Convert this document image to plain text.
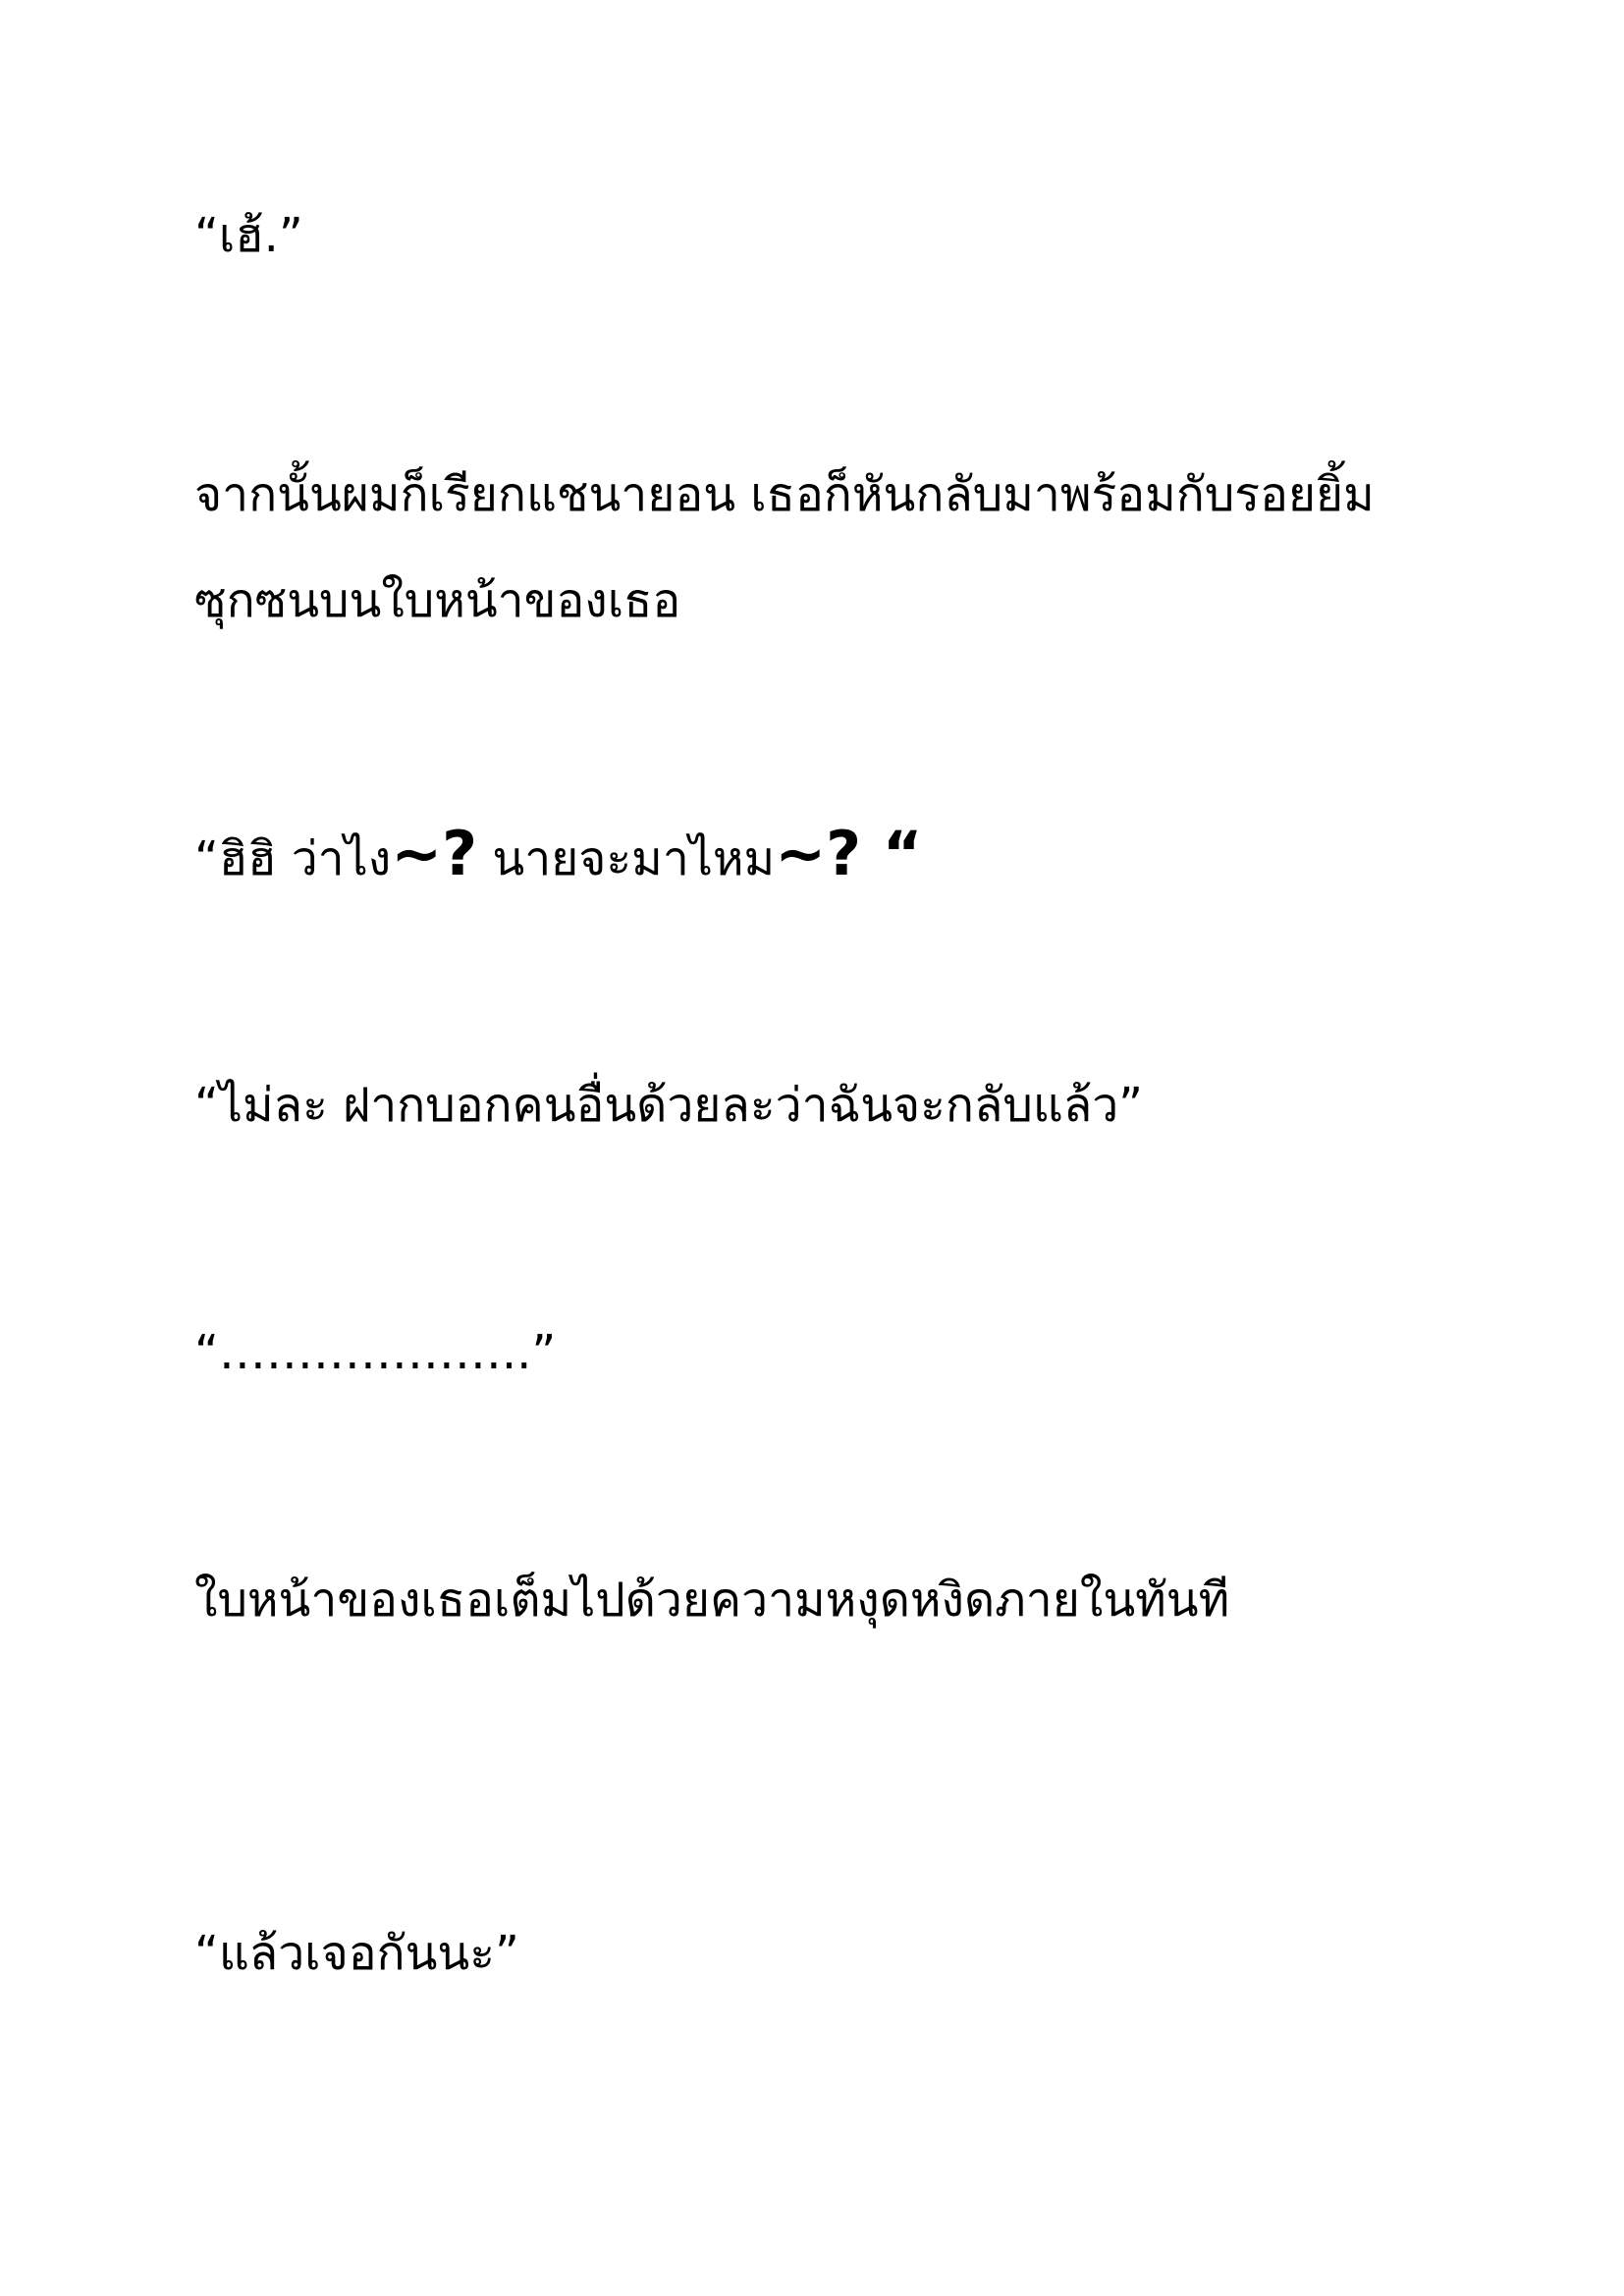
“เฮ้.”
จากนั้นผมก็เรียกแชนายอน เธอก็หันกลับมาพร้อมกับรอยยิ้ม
ซุกซนบนใบหน้าของเธอ
“ฮิฮิ ว่าไง~? นายจะมาไหม~? “
“ไม่ละ ฝากบอกคนอื่นด้วยละว่าฉันจะกลับแล้ว”
“………………..”
ใบหน้าของเธอเต็มไปด้วยความหงุดหงิดภายในทันที
“แล้วเจอกันนะ”
